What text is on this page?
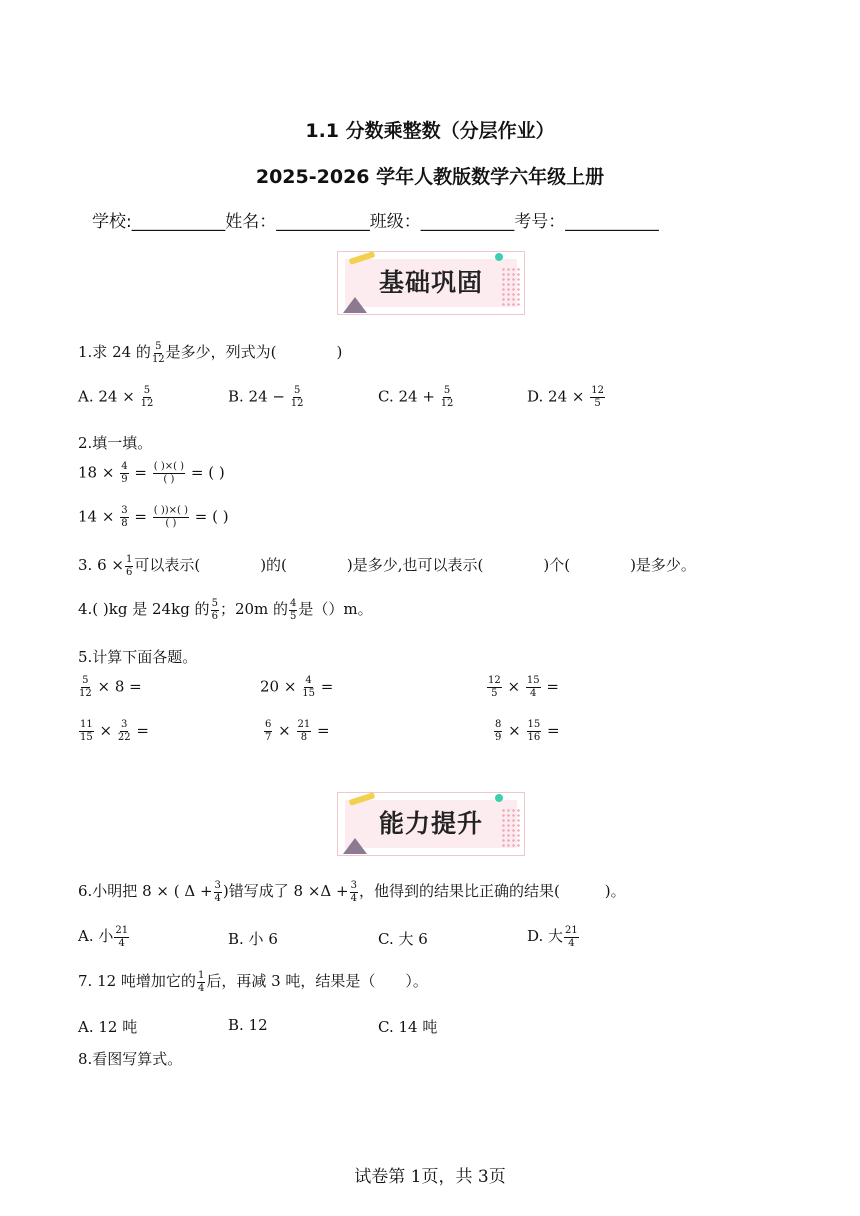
1.1 分数乘整数（分层作业）
2025-2026 学年人教版数学六年级上册
学校:___________姓名：___________班级：___________考号：___________
基础巩固
1.求 24 的 $\frac{5}{12}$ 是多少，列式为(　　　　)
A. $24 \times \frac{5}{12}$	B. $24 - \frac{5}{12}$	C. $24 + \frac{5}{12}$	D. $24 \times \frac{12}{5}$
2.填一填。
$18 \times \frac{4}{9} = \frac{( )\times( )}{( )}$ = ( )
$14 \times \frac{3}{8} = \frac{( ))\times( )}{( )}$ = ( )
3. $6 \times \frac{1}{6}$ 可以表示(　　　　)的(　　　　)是多少,也可以表示(　　　　)个(　　　　)是多少。
4.( )kg 是 24kg 的 $\frac{5}{6}$ ；20m 的 $\frac{4}{5}$ 是（）m。
5.计算下面各题。
$\frac{5}{12} \times 8$ =	$20 \times \frac{4}{15}$ =	$\frac{12}{5} \times \frac{15}{4}$ =
$\frac{11}{15} \times \frac{3}{22}$ =	$\frac{6}{7} \times \frac{21}{8}$ =	$\frac{8}{9} \times \frac{15}{16}$ =
能力提升
6.小明把 8 × ( $\Delta + \frac{3}{4}$ )错写成了 $8 \times\Delta + \frac{3}{4}$ ，他得到的结果比正确的结果(　　　)。
A. 小 $\frac{21}{4}$	B. 小 6	C. 大 6	D. 大 $\frac{21}{4}$
7. 12 吨增加它的 $\frac{1}{4}$ 后，再减 3 吨，结果是（　　）。
A. 12 吨	B. 12	C. 14 吨
8.看图写算式。
试卷第 1页，共 3页
